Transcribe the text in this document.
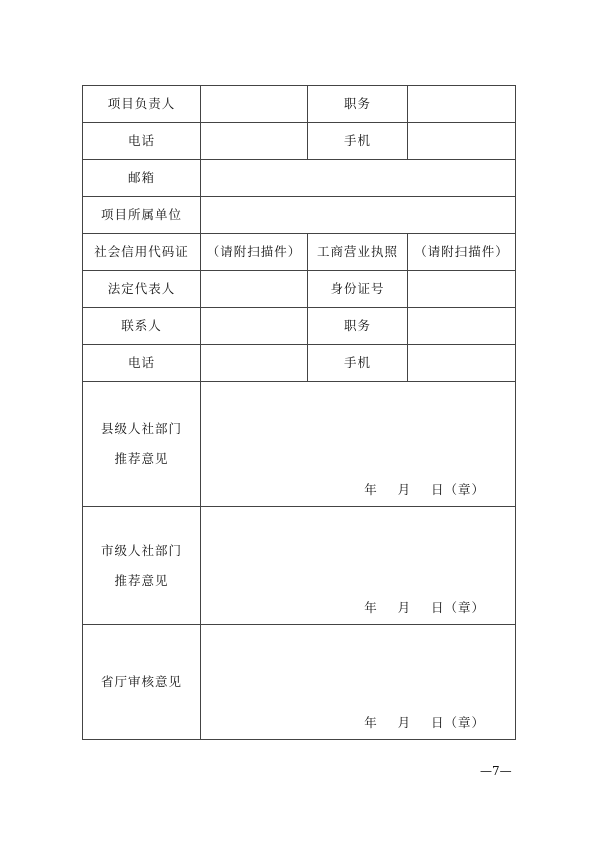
项目负责人		职务	
电话		手机	
邮箱			
项目所属单位			
社会信用代码证	（请附扫描件）	工商营业执照	（请附扫描件）
法定代表人		身份证号	
联系人		职务	
电话		手机	

县级人社部门
推荐意见	年    月    日（章）		

市级人社部门
推荐意见	年    月    日（章）		

省厅审核意见	年    月    日（章）		
—7—
